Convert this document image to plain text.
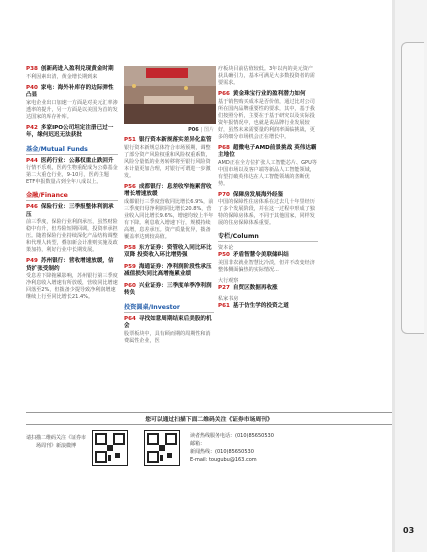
P38 创新药进入盈利兑现黄金时期
不利因素出清，黄金增长期到来
P40 家电：海外补库存的边际弹性凸显
家电企业出口加速一方面是对美元汇率渗透率的提升，另一方面是以美国为首的发达国家的库存补库。
P42 多家IPO公司坦定注册已过一年，缘何迟迟无法获批
基金/Mutual Funds
P44 医药行业：公募权重止跌回升
行情不乐观，医药生物重配成为公募基金第二大重仓行业，9-10月，医药主题ETF申报数量占到全年八成以上。
金融/Finance
P46 保险行业：三季报整体利润承压
前三季度，保险行业利润承压，虽然财险稳中有升，但寿险短期回调，投资率承担压。随着保险行业持续深化产品结构调整和代理人转型，叠加新会计准则实施及政策加持，利好行业中长期发展。
P49 苏州银行：营收增速放缓，信贷扩张受制约
受息差下降拖累影响，苏州银行第三季度净利息收入增速有所放缓，营收同比增速回落至2%，但拨备少提导致净利润增速继续上行至同比增长21.4%。
P06 | 图片
P51 银行资本新规落实差异化监管
银行资本新规总体符合市场预期，调整了部分资产风险权重和风险权重系数，风险分量低的业务转移将至银行风险资本计量更加合理，对银行可谓进一步激发。
P56 成都银行：息差收窄拖累营收增长增速放缓
成都银行三季度营收同比增长6.9%，前三季度归母净利润同比增长20.8%，营业收入同比增长9.6%，增速均较上半年有下降。利息收入增速下行，规模持续高增，息差承压。资产质量优异，拨备覆盖率达到较高值。
P58 东方证券：资管收入同比环比双降 投资收入环比增势强
P59 海通证券：净利润阶段性承压 减值损失同比高增拖累业绩
P60 兴业证券：三季度单季净利润转负
投资圆桌/Investor
P64 寻找如意周期结束后美股的机会
股票板块中，具有顾而期的周期性和消费属性企业，医
疗板块目前估值较低。3年以内的美元资产获具确引力，基本可满足大多数投资者的需要需求。
P66 黄金珠宝行业的盈利潜力如何
基于销售购买成本是否价值，通过比对公司所在国内品牌重要性的要求，其中，基于我们按照分析，主要在于基于研究以及实际投资年报情况中，也就是说品牌行业发展较好，虽然未来需要量的利润率面临挑战，更多的细分市场机会正在增长中。
P68 超微电子AMD前景挑战 英伟达霸主地位
AMD正在全方位扩张人工智能芯片、GPU等中国市场以及客户端等新品人工智能领域，有望打破英伟达在人工智能领域的垄断优势。
P70 保障房发展海外经鉴
中国的保障性住房体系在过去几十年里经历了多个发展阶段，并在这一过程中形成了独特的保障房体系，不同于其他国家，同样发展的住房保障体系重要。
专栏/Column
资本论
P50 矛盾智慧令美联储纠结
美国非农就业智慧比冷淡，但并不改变经济整体侧面偏热的实际情况...
大行观察
P27 自贸区数据再收涨
私家书房
P61 基于仿生学的投资之道
您可以通过扫描下面二维码关注《证券市场周刊》
请扫描二维码关注《证券市场周刊》新浪微博
读者热线服务电话：(010)85650530
邮箱：
新闻热线：(010)85650530
E-mail: tougubu@163.com
03
